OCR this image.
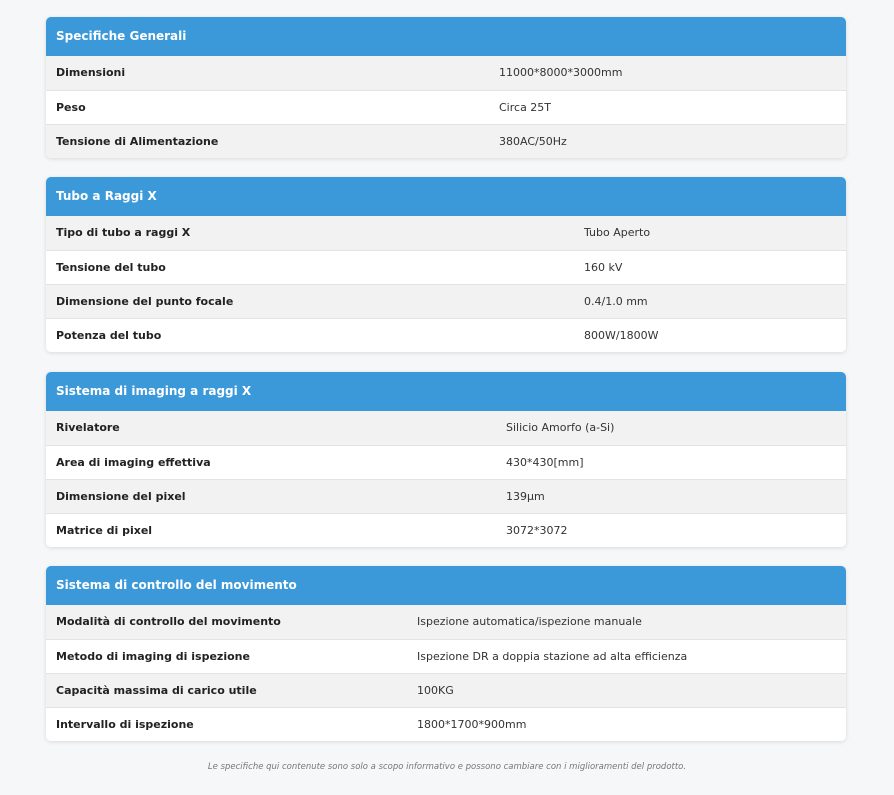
Specifiche Generali
Dimensioni	11000*8000*3000mm
Peso	Circa 25T
Tensione di Alimentazione	380AC/50Hz
Tubo a Raggi X
Tipo di tubo a raggi X	Tubo Aperto
Tensione del tubo	160 kV
Dimensione del punto focale	0.4/1.0 mm
Potenza del tubo	800W/1800W
Sistema di imaging a raggi X
Rivelatore	Silicio Amorfo (a-Si)
Area di imaging effettiva	430*430[mm]
Dimensione del pixel	139μm
Matrice di pixel	3072*3072
Sistema di controllo del movimento
Modalità di controllo del movimento	Ispezione automatica/ispezione manuale
Metodo di imaging di ispezione	Ispezione DR a doppia stazione ad alta efficienza
Capacità massima di carico utile	100KG
Intervallo di ispezione	1800*1700*900mm
Le specifiche qui contenute sono solo a scopo informativo e possono cambiare con i miglioramenti del prodotto.
